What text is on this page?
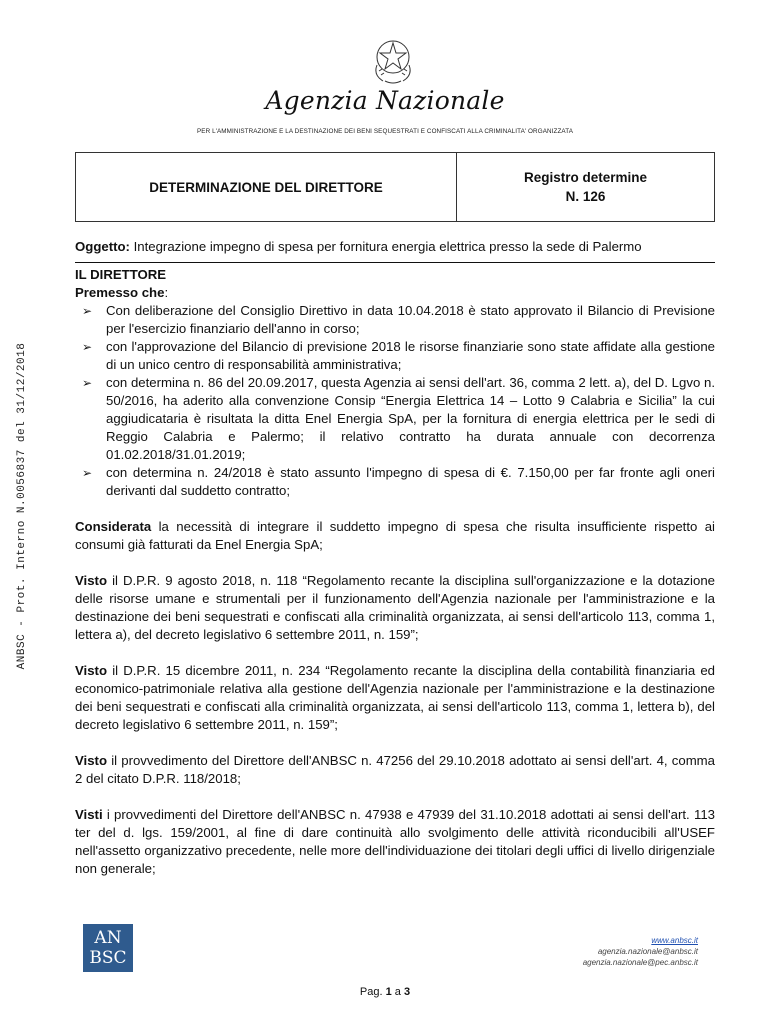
ANBSC - Prot. Interno N.0056837 del 31/12/2018
Agenzia Nazionale
PER L'AMMINISTRAZIONE E LA DESTINAZIONE DEI BENI SEQUESTRATI E CONFISCATI ALLA CRIMINALITA' ORGANIZZATA
DETERMINAZIONE DEL DIRETTORE
Registro determine
N. 126

Oggetto: Integrazione impegno di spesa per fornitura energia elettrica presso la sede di Palermo

IL DIRETTORE

Premesso che:

➢ Con deliberazione del Consiglio Direttivo in data 10.04.2018 è stato approvato il Bilancio di Previsione per l'esercizio finanziario dell'anno in corso;
➢ con l'approvazione del Bilancio di previsione 2018 le risorse finanziarie sono state affidate alla gestione di un unico centro di responsabilità amministrativa;
➢ con determina n. 86 del 20.09.2017, questa Agenzia ai sensi dell'art. 36, comma 2 lett. a), del D. Lgvo n. 50/2016, ha aderito alla convenzione Consip “Energia Elettrica 14 – Lotto 9 Calabria e Sicilia” la cui aggiudicataria è risultata la ditta Enel Energia SpA, per la fornitura di energia elettrica per le sedi di Reggio Calabria e Palermo; il relativo contratto ha durata annuale con decorrenza 01.02.2018/31.01.2019;
➢ con determina n. 24/2018 è stato assunto l'impegno di spesa di €. 7.150,00 per far fronte agli oneri derivanti dal suddetto contratto;

Considerata la necessità di integrare il suddetto impegno di spesa che risulta insufficiente rispetto ai consumi già fatturati da Enel Energia SpA;

Visto il D.P.R. 9 agosto 2018, n. 118 “Regolamento recante la disciplina sull'organizzazione e la dotazione delle risorse umane e strumentali per il funzionamento dell'Agenzia nazionale per l'amministrazione e la destinazione dei beni sequestrati e confiscati alla criminalità organizzata, ai sensi dell'articolo 113, comma 1, lettera a), del decreto legislativo 6 settembre 2011, n. 159”;

Visto il D.P.R. 15 dicembre 2011, n. 234 “Regolamento recante la disciplina della contabilità finanziaria ed economico-patrimoniale relativa alla gestione dell'Agenzia nazionale per l'amministrazione e la destinazione dei beni sequestrati e confiscati alla criminalità organizzata, ai sensi dell'articolo 113, comma 1, lettera b), del decreto legislativo 6 settembre 2011, n. 159”;

Visto il provvedimento del Direttore dell'ANBSC n. 47256 del 29.10.2018 adottato ai sensi dell'art. 4, comma 2 del citato D.P.R. 118/2018;

Visti i provvedimenti del Direttore dell'ANBSC n. 47938 e 47939 del 31.10.2018 adottati ai sensi dell'art. 113 ter del d. lgs. 159/2001, al fine di dare continuità allo svolgimento delle attività riconducibili all'USEF nell'assetto organizzativo precedente, nelle more dell'individuazione dei titolari degli uffici di livello dirigenziale non generale;

AN
BSC
www.anbsc.it
agenzia.nazionale@anbsc.it
agenzia.nazionale@pec.anbsc.it
Pag. 1 a 3
